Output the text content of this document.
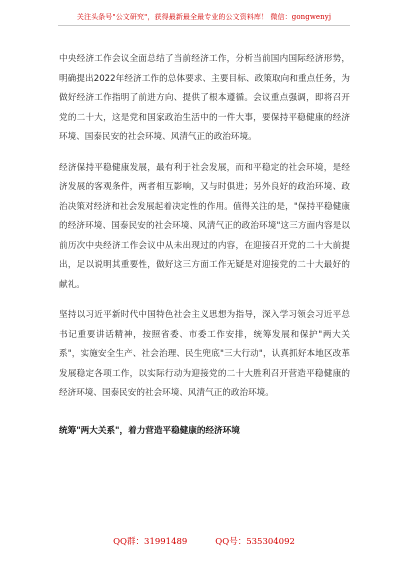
关注头条号"公文研究"，获得最新最全最专业的公文资料库！ 微信：gongwenyj

中央经济工作会议全面总结了当前经济工作，分析当前国内国际经济形势，明确提出2022年经济工作的总体要求、主要目标、政策取向和重点任务，为做好经济工作指明了前进方向、提供了根本遵循。会议重点强调，即将召开党的二十大，这是党和国家政治生活中的一件大事，要保持平稳健康的经济环境、国泰民安的社会环境、风清气正的政治环境。

经济保持平稳健康发展，最有利于社会发展，而和平稳定的社会环境，是经济发展的客观条件，两者相互影响，又与时俱进；另外良好的政治环境、政治决策对经济和社会发展起着决定性的作用。值得关注的是，"保持平稳健康的经济环境、国泰民安的社会环境、风清气正的政治环境"这三方面内容是以前历次中央经济工作会议中从未出现过的内容，在迎接召开党的二十大前提出，足以说明其重要性，做好这三方面工作无疑是对迎接党的二十大最好的献礼。

坚持以习近平新时代中国特色社会主义思想为指导，深入学习领会习近平总书记重要讲话精神，按照省委、市委工作安排，统筹发展和保护"两大关系"，实施安全生产、社会治理、民生兜底"三大行动"，认真抓好本地区改革发展稳定各项工作，以实际行动为迎接党的二十大胜利召开营造平稳健康的经济环境、国泰民安的社会环境、风清气正的政治环境。

统筹"两大关系"，着力营造平稳健康的经济环境
QQ群：31991489	QQ号：535304092
